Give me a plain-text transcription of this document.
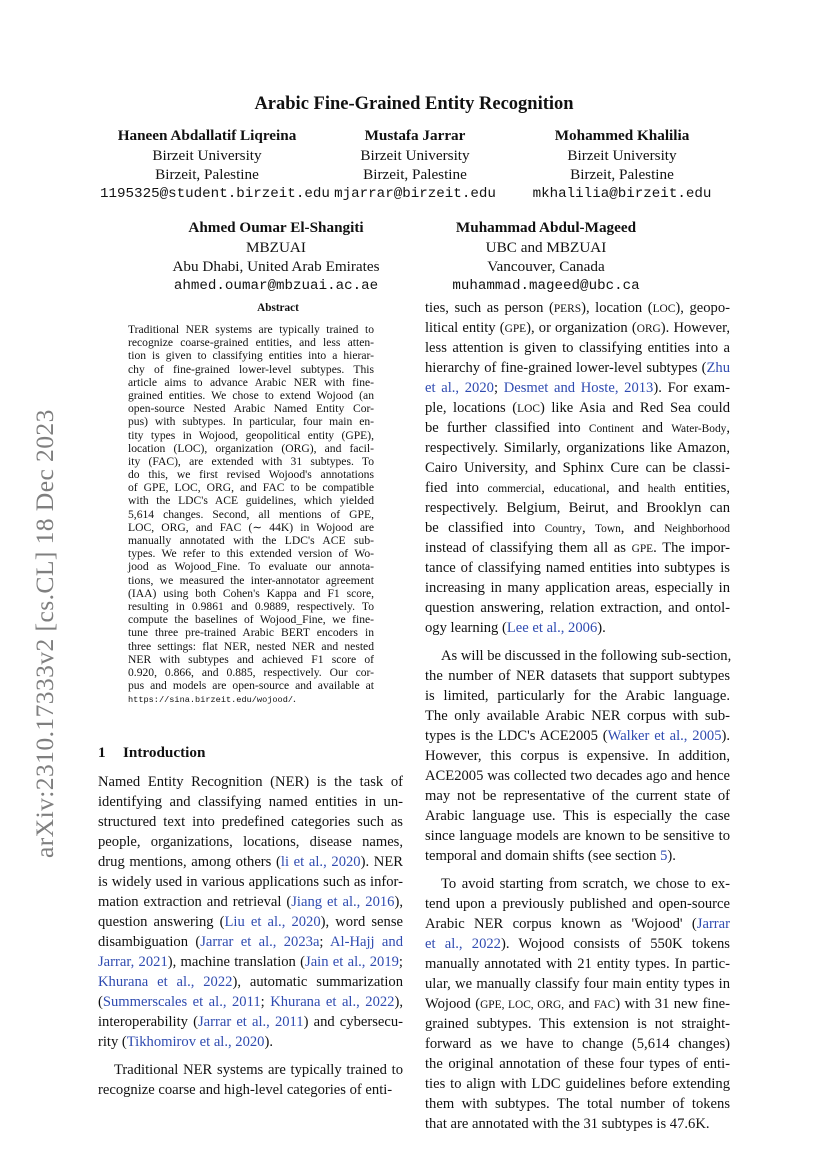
Arabic Fine-Grained Entity Recognition
arXiv:2310.17333v2 [cs.CL] 18 Dec 2023
Haneen Abdallatif Liqreina
Birzeit University
Birzeit, Palestine
1195325@student.birzeit.edu
Mustafa Jarrar
Birzeit University
Birzeit, Palestine
mjarrar@birzeit.edu
Mohammed Khalilia
Birzeit University
Birzeit, Palestine
mkhalilia@birzeit.edu
Ahmed Oumar El-Shangiti
MBZUAI
Abu Dhabi, United Arab Emirates
ahmed.oumar@mbzuai.ac.ae
Muhammad Abdul-Mageed
UBC and MBZUAI
Vancouver, Canada
muhammad.mageed@ubc.ca
Abstract
Traditional NER systems are typically trained to
recognize coarse-grained entities, and less atten-
tion is given to classifying entities into a hierar-
chy of fine-grained lower-level subtypes. This
article aims to advance Arabic NER with fine-
grained entities. We chose to extend Wojood (an
open-source Nested Arabic Named Entity Cor-
pus) with subtypes. In particular, four main en-
tity types in Wojood, geopolitical entity (GPE),
location (LOC), organization (ORG), and facil-
ity (FAC), are extended with 31 subtypes. To
do this, we first revised Wojood's annotations
of GPE, LOC, ORG, and FAC to be compatible
with the LDC's ACE guidelines, which yielded
5,614 changes. Second, all mentions of GPE,
LOC, ORG, and FAC (∼ 44K) in Wojood are
manually annotated with the LDC's ACE sub-
types. We refer to this extended version of Wo-
jood as Wojood_Fine. To evaluate our annota-
tions, we measured the inter-annotator agreement
(IAA) using both Cohen's Kappa and F1 score,
resulting in 0.9861 and 0.9889, respectively. To
compute the baselines of Wojood_Fine, we fine-
tune three pre-trained Arabic BERT encoders in
three settings: flat NER, nested NER and nested
NER with subtypes and achieved F1 score of
0.920, 0.866, and 0.885, respectively. Our cor-
pus and models are open-source and available at
https://sina.birzeit.edu/wojood/.
1 Introduction
Named Entity Recognition (NER) is the task of
identifying and classifying named entities in un-
structured text into predefined categories such as
people, organizations, locations, disease names,
drug mentions, among others (li et al., 2020). NER
is widely used in various applications such as infor-
mation extraction and retrieval (Jiang et al., 2016),
question answering (Liu et al., 2020), word sense
disambiguation (Jarrar et al., 2023a; Al-Hajj and
Jarrar, 2021), machine translation (Jain et al., 2019;
Khurana et al., 2022), automatic summarization
(Summerscales et al., 2011; Khurana et al., 2022),
interoperability (Jarrar et al., 2011) and cybersecu-
rity (Tikhomirov et al., 2020).
Traditional NER systems are typically trained to
recognize coarse and high-level categories of enti-
ties, such as person (PERS), location (LOC), geopo-
litical entity (GPE), or organization (ORG). However,
less attention is given to classifying entities into a
hierarchy of fine-grained lower-level subtypes (Zhu
et al., 2020; Desmet and Hoste, 2013). For exam-
ple, locations (LOC) like Asia and Red Sea could
be further classified into Continent and Water-Body,
respectively. Similarly, organizations like Amazon,
Cairo University, and Sphinx Cure can be classi-
fied into commercial, educational, and health entities,
respectively. Belgium, Beirut, and Brooklyn can
be classified into Country, Town, and Neighborhood
instead of classifying them all as GPE. The impor-
tance of classifying named entities into subtypes is
increasing in many application areas, especially in
question answering, relation extraction, and ontol-
ogy learning (Lee et al., 2006).
As will be discussed in the following sub-section,
the number of NER datasets that support subtypes
is limited, particularly for the Arabic language.
The only available Arabic NER corpus with sub-
types is the LDC's ACE2005 (Walker et al., 2005).
However, this corpus is expensive. In addition,
ACE2005 was collected two decades ago and hence
may not be representative of the current state of
Arabic language use. This is especially the case
since language models are known to be sensitive to
temporal and domain shifts (see section 5).
To avoid starting from scratch, we chose to ex-
tend upon a previously published and open-source
Arabic NER corpus known as 'Wojood' (Jarrar
et al., 2022). Wojood consists of 550K tokens
manually annotated with 21 entity types. In partic-
ular, we manually classify four main entity types in
Wojood (GPE, LOC, ORG, and FAC) with 31 new fine-
grained subtypes. This extension is not straight-
forward as we have to change (5,614 changes)
the original annotation of these four types of enti-
ties to align with LDC guidelines before extending
them with subtypes. The total number of tokens
that are annotated with the 31 subtypes is 47.6K.
